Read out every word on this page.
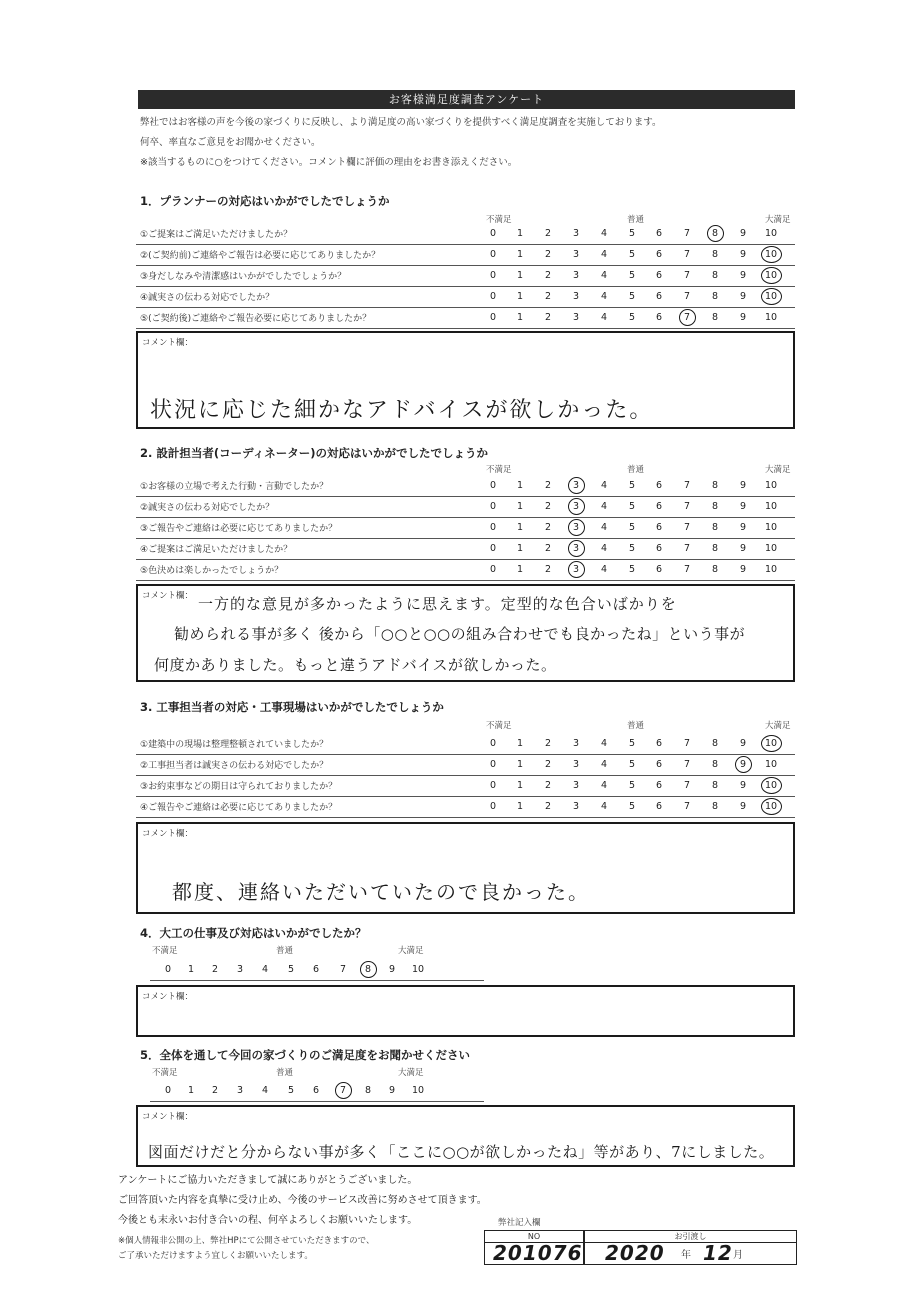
お客様満足度調査アンケート
弊社ではお客様の声を今後の家づくりに反映し、より満足度の高い家づくりを提供すべく満足度調査を実施しております。
何卒、率直なご意見をお聞かせください。
※該当するものに○をつけてください。コメント欄に評価の理由をお書き添えください。
1．プランナーの対応はいかがでしたでしょうか
不満足	普通	大満足
①ご提案はご満足いただけましたか？	0	1	2	3	4	5	6	7	8	9	10
②(ご契約前)ご連絡やご報告は必要に応じてありましたか？	0	1	2	3	4	5	6	7	8	9	10
③身だしなみや清潔感はいかがでしたでしょうか？	0	1	2	3	4	5	6	7	8	9	10
④誠実さの伝わる対応でしたか？	0	1	2	3	4	5	6	7	8	9	10
⑤(ご契約後)ご連絡やご報告必要に応じてありましたか？	0	1	2	3	4	5	6	7	8	9	10
コメント欄：
状況に応じた細かなアドバイスが欲しかった。
2. 設計担当者(コーディネーター)の対応はいかがでしたでしょうか
不満足	普通	大満足
①お客様の立場で考えた行動・言動でしたか？	0	1	2	3	4	5	6	7	8	9	10
②誠実さの伝わる対応でしたか？	0	1	2	3	4	5	6	7	8	9	10
③ご報告やご連絡は必要に応じてありましたか？	0	1	2	3	4	5	6	7	8	9	10
④ご提案はご満足いただけましたか？	0	1	2	3	4	5	6	7	8	9	10
⑤色決めは楽しかったでしょうか？	0	1	2	3	4	5	6	7	8	9	10
コメント欄： 一方的な意見が多かったように思えます。定型的な色合いばかりを
勧められる事が多く 後から「○○と○○の組み合わせでも良かったね」という事が
何度かありました。もっと違うアドバイスが欲しかった。
3. 工事担当者の対応・工事現場はいかがでしたでしょうか
不満足	普通	大満足
①建築中の現場は整理整頓されていましたか？	0	1	2	3	4	5	6	7	8	9	10
②工事担当者は誠実さの伝わる対応でしたか？	0	1	2	3	4	5	6	7	8	9	10
③お約束事などの期日は守られておりましたか？	0	1	2	3	4	5	6	7	8	9	10
④ご報告やご連絡は必要に応じてありましたか？	0	1	2	3	4	5	6	7	8	9	10
コメント欄：
都度、連絡いただいていたので良かった。
4．大工の仕事及び対応はいかがでしたか？
不満足	普通	大満足
0	1	2	3	4	5	6	7	8	9	10
コメント欄：
5．全体を通して今回の家づくりのご満足度をお聞かせください
不満足	普通	大満足
0	1	2	3	4	5	6	7	8	9	10
コメント欄：
図面だけだと分からない事が多く「ここに○○が欲しかったね」等があり、7にしました。
アンケートにご協力いただきまして誠にありがとうございました。
ご回答頂いた内容を真摯に受け止め、今後のサービス改善に努めさせて頂きます。
今後とも末永いお付き合いの程、何卒よろしくお願いいたします。
※個人情報非公開の上、弊社HPにて公開させていただきますので、
ご了承いただけますよう宜しくお願いいたします。
弊社記入欄
NO
201076
お引渡し
2020 年 12 月
